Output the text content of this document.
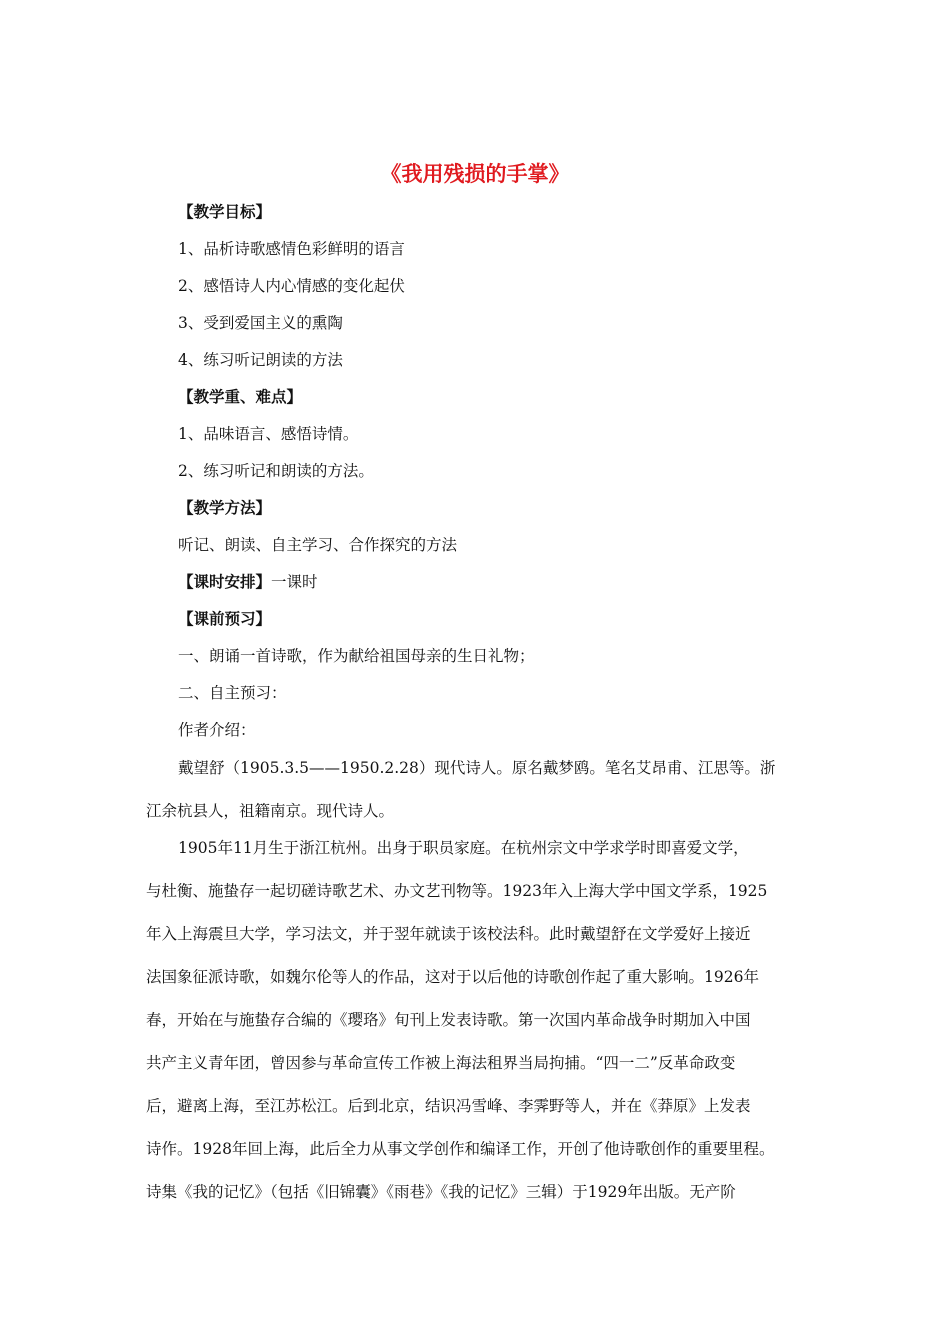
《我用残损的手掌》
【教学目标】
1、品析诗歌感情色彩鲜明的语言
2、感悟诗人内心情感的变化起伏
3、受到爱国主义的熏陶
4、练习听记朗读的方法
【教学重、难点】
1、品味语言、感悟诗情。
2、练习听记和朗读的方法。
【教学方法】
听记、朗读、自主学习、合作探究的方法
【课时安排】一课时
【课前预习】
一、朗诵一首诗歌，作为献给祖国母亲的生日礼物；
二、自主预习：
作者介绍：
戴望舒（1905.3.5——1950.2.28）现代诗人。原名戴梦鸥。笔名艾昂甫、江思等。浙
江余杭县人，祖籍南京。现代诗人。
1905年11月生于浙江杭州。出身于职员家庭。在杭州宗文中学求学时即喜爱文学，
与杜衡、施蛰存一起切磋诗歌艺术、办文艺刊物等。1923年入上海大学中国文学系，1925
年入上海震旦大学，学习法文，并于翌年就读于该校法科。此时戴望舒在文学爱好上接近
法国象征派诗歌，如魏尔伦等人的作品，这对于以后他的诗歌创作起了重大影响。1926年
春，开始在与施蛰存合编的《璎珞》旬刊上发表诗歌。第一次国内革命战争时期加入中国
共产主义青年团，曾因参与革命宣传工作被上海法租界当局拘捕。“四一二”反革命政变
后，避离上海，至江苏松江。后到北京，结识冯雪峰、李霁野等人，并在《莽原》上发表
诗作。1928年回上海，此后全力从事文学创作和编译工作，开创了他诗歌创作的重要里程。
诗集《我的记忆》（包括《旧锦囊》《雨巷》《我的记忆》三辑）于1929年出版。无产阶
